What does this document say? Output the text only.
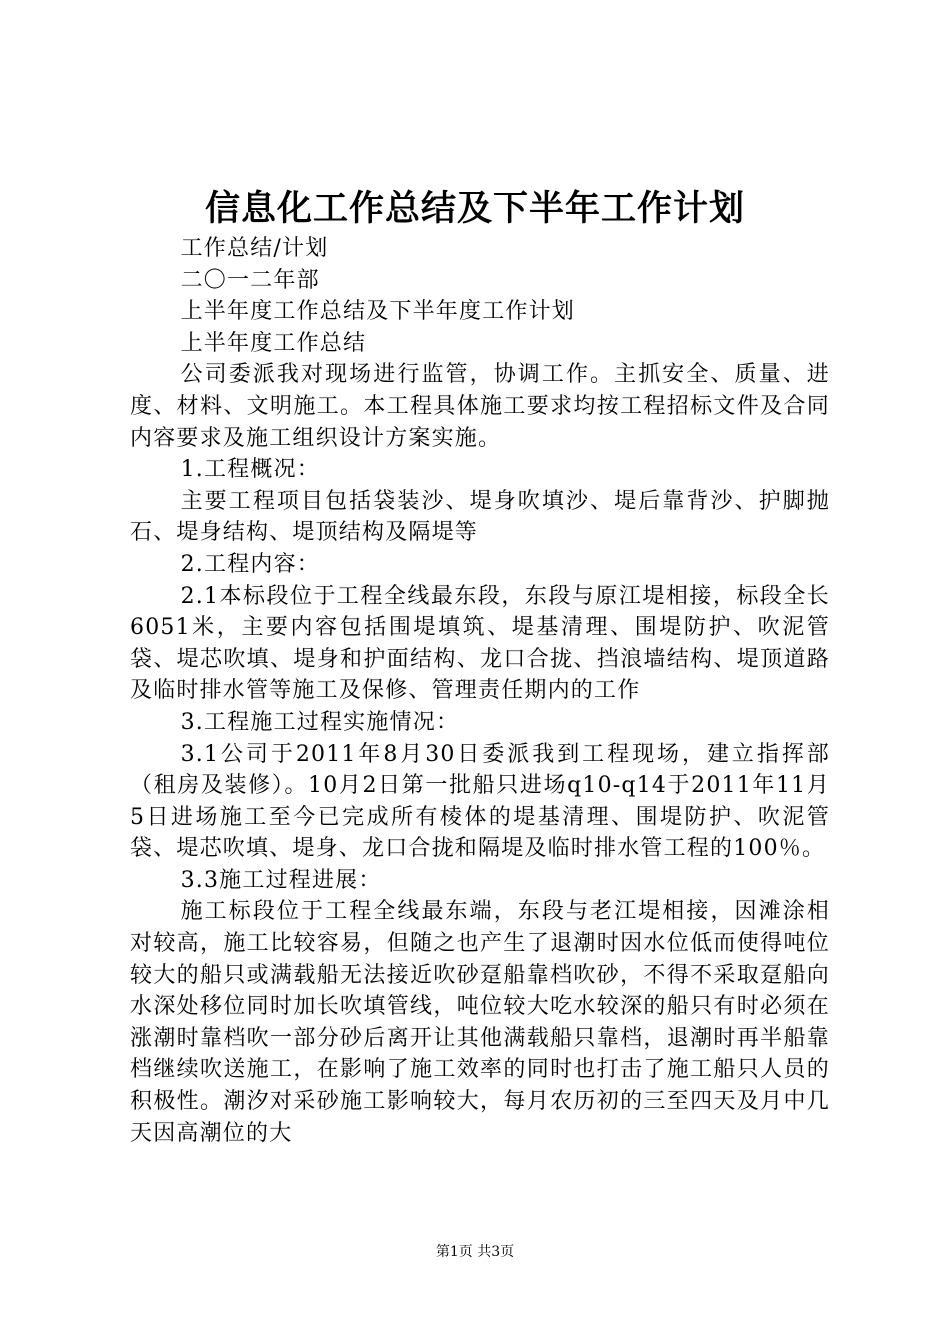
信息化工作总结及下半年工作计划

工作总结/计划

二〇一二年部

上半年度工作总结及下半年度工作计划

上半年度工作总结

公司委派我对现场进行监管，协调工作。主抓安全、质量、进度、材料、文明施工。本工程具体施工要求均按工程招标文件及合同内容要求及施工组织设计方案实施。

1.工程概况：

主要工程项目包括袋装沙、堤身吹填沙、堤后靠背沙、护脚抛石、堤身结构、堤顶结构及隔堤等

2.工程内容：

2.1本标段位于工程全线最东段，东段与原江堤相接，标段全长6051米，主要内容包括围堤填筑、堤基清理、围堤防护、吹泥管袋、堤芯吹填、堤身和护面结构、龙口合拢、挡浪墙结构、堤顶道路及临时排水管等施工及保修、管理责任期内的工作

3.工程施工过程实施情况：

3.1公司于2011年8月30日委派我到工程现场，建立指挥部（租房及装修）。10月2日第一批船只进场q10-q14于2011年11月5日进场施工至今已完成所有棱体的堤基清理、围堤防护、吹泥管袋、堤芯吹填、堤身、龙口合拢和隔堤及临时排水管工程的100％。

3.3施工过程进展：

施工标段位于工程全线最东端，东段与老江堤相接，因滩涂相对较高，施工比较容易，但随之也产生了退潮时因水位低而使得吨位较大的船只或满载船无法接近吹砂趸船靠档吹砂，不得不采取趸船向水深处移位同时加长吹填管线，吨位较大吃水较深的船只有时必须在涨潮时靠档吹一部分砂后离开让其他满载船只靠档，退潮时再半船靠档继续吹送施工，在影响了施工效率的同时也打击了施工船只人员的积极性。潮汐对采砂施工影响较大，每月农历初的三至四天及月中几天因高潮位的大

第1页 共3页
